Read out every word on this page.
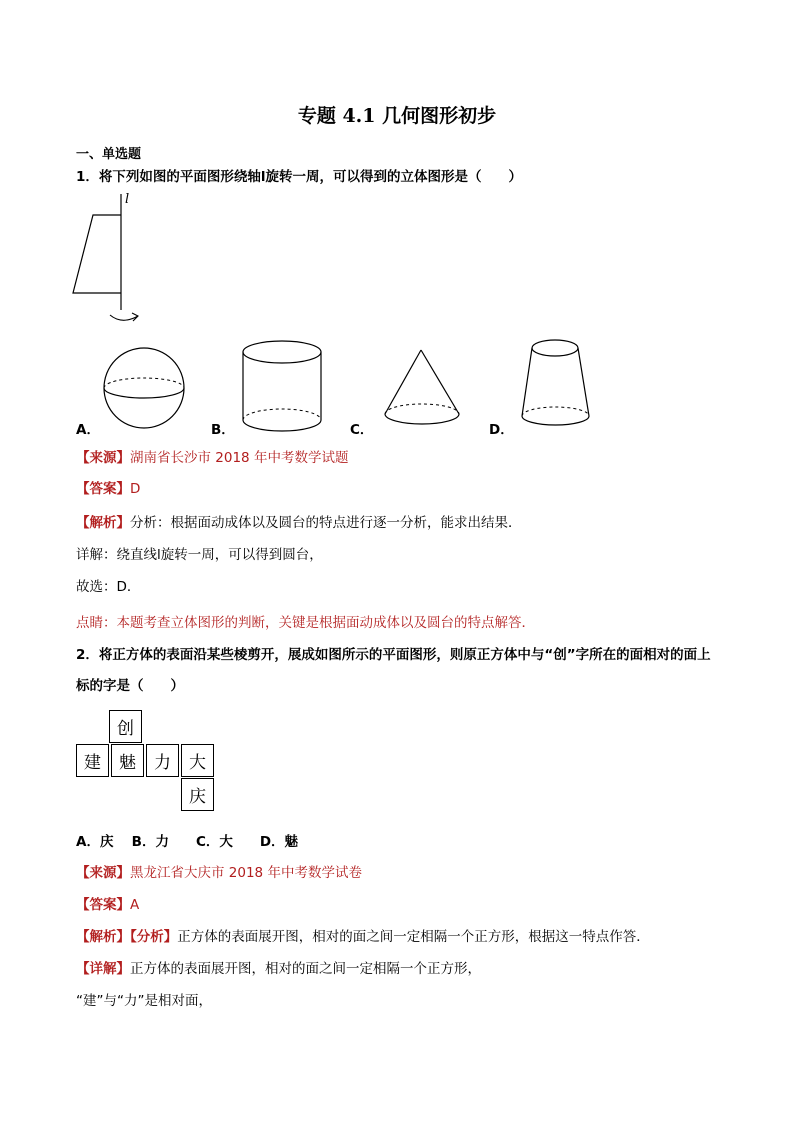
专题 4.1 几何图形初步
一、单选题
1．将下列如图的平面图形绕轴l旋转一周，可以得到的立体图形是（　　）
l
A．	B．	C．	D．
【来源】湖南省长沙市 2018 年中考数学试题
【答案】D
【解析】分析：根据面动成体以及圆台的特点进行逐一分析，能求出结果．
详解：绕直线l旋转一周，可以得到圆台，
故选：D．
点睛：本题考查立体图形的判断，关键是根据面动成体以及圆台的特点解答．
2．将正方体的表面沿某些棱剪开，展成如图所示的平面图形，则原正方体中与“创”字所在的面相对的面上
标的字是（　　）
创
建	魅	力	大
庆
A．庆　 B．力　　C．大　　D．魅
【来源】黑龙江省大庆市 2018 年中考数学试卷
【答案】A
【解析】【分析】正方体的表面展开图，相对的面之间一定相隔一个正方形，根据这一特点作答．
【详解】正方体的表面展开图，相对的面之间一定相隔一个正方形，
“建”与“力”是相对面，
